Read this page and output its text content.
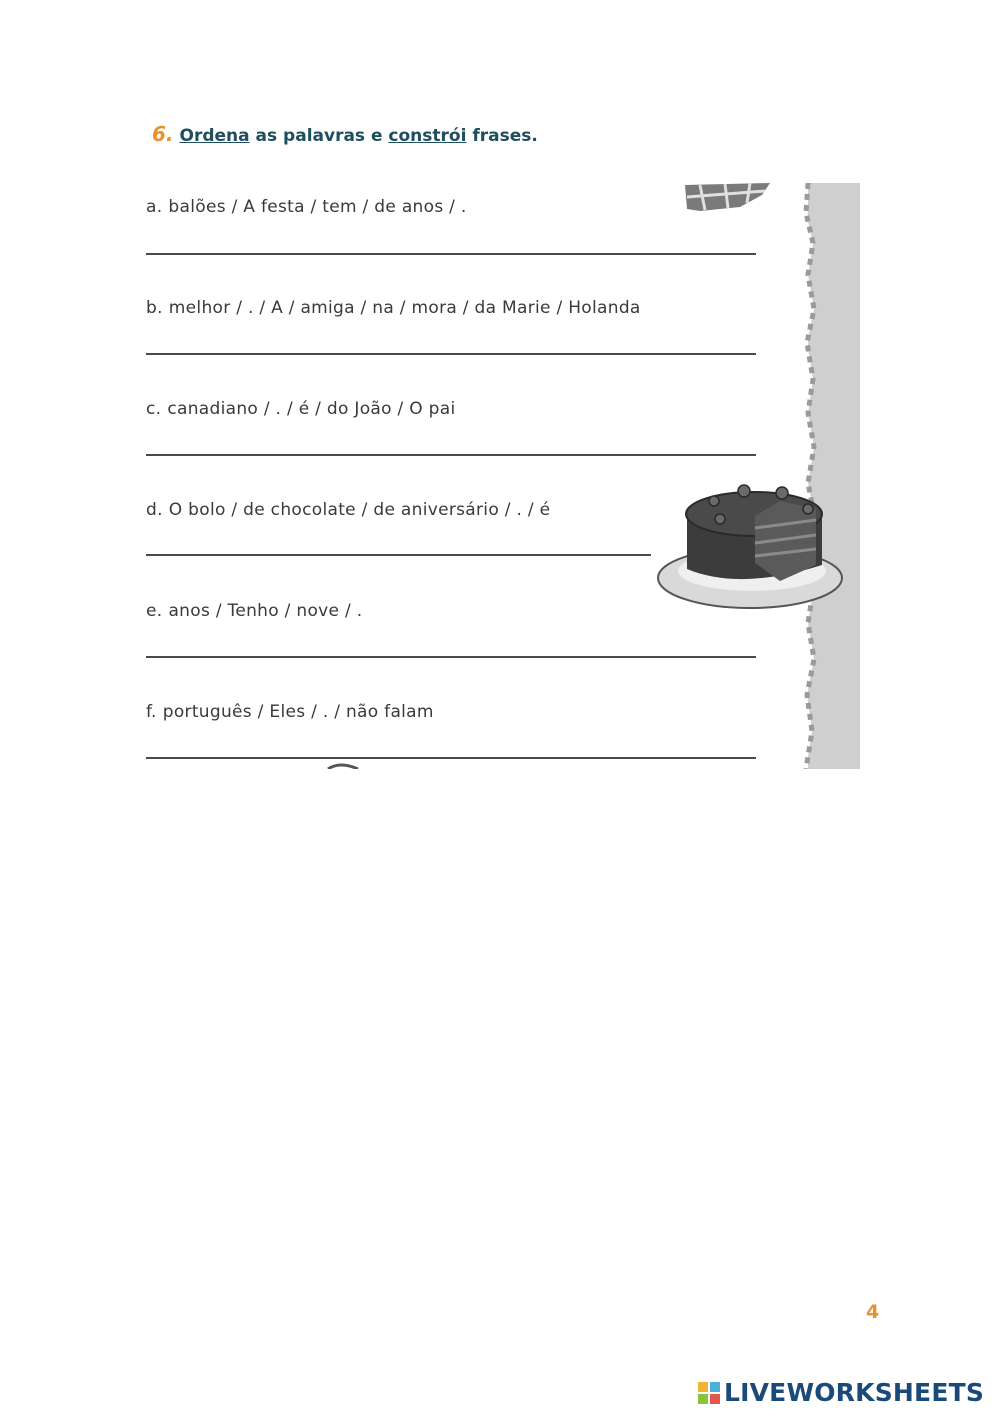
6. Ordena as palavras e constrói frases.
a. balões / A festa / tem / de anos / .
b. melhor / . / A / amiga / na / mora / da Marie / Holanda
c. canadiano / . / é / do João / O pai
d. O bolo / de chocolate / de aniversário / . / é
e. anos / Tenho / nove / .
f. português / Eles / . / não falam
4
LIVEWORKSHEETS
